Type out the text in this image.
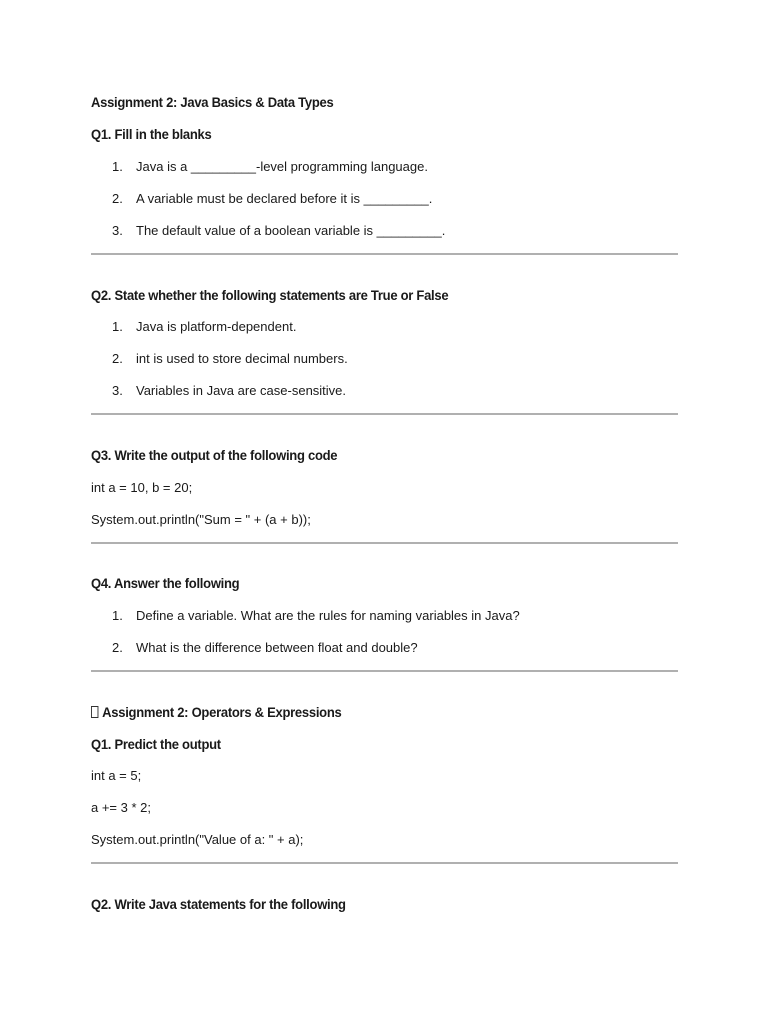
Assignment 2: Java Basics & Data Types

Q1. Fill in the blanks

1. Java is a _________-level programming language.
2. A variable must be declared before it is _________.
3. The default value of a boolean variable is _________.

Q2. State whether the following statements are True or False

1. Java is platform-dependent.
2. int is used to store decimal numbers.
3. Variables in Java are case-sensitive.

Q3. Write the output of the following code

int a = 10, b = 20;

System.out.println("Sum = " + (a + b));

Q4. Answer the following

1. Define a variable. What are the rules for naming variables in Java?
2. What is the difference between float and double?

Assignment 2: Operators & Expressions

Q1. Predict the output

int a = 5;

a += 3 * 2;

System.out.println("Value of a: " + a);

Q2. Write Java statements for the following
